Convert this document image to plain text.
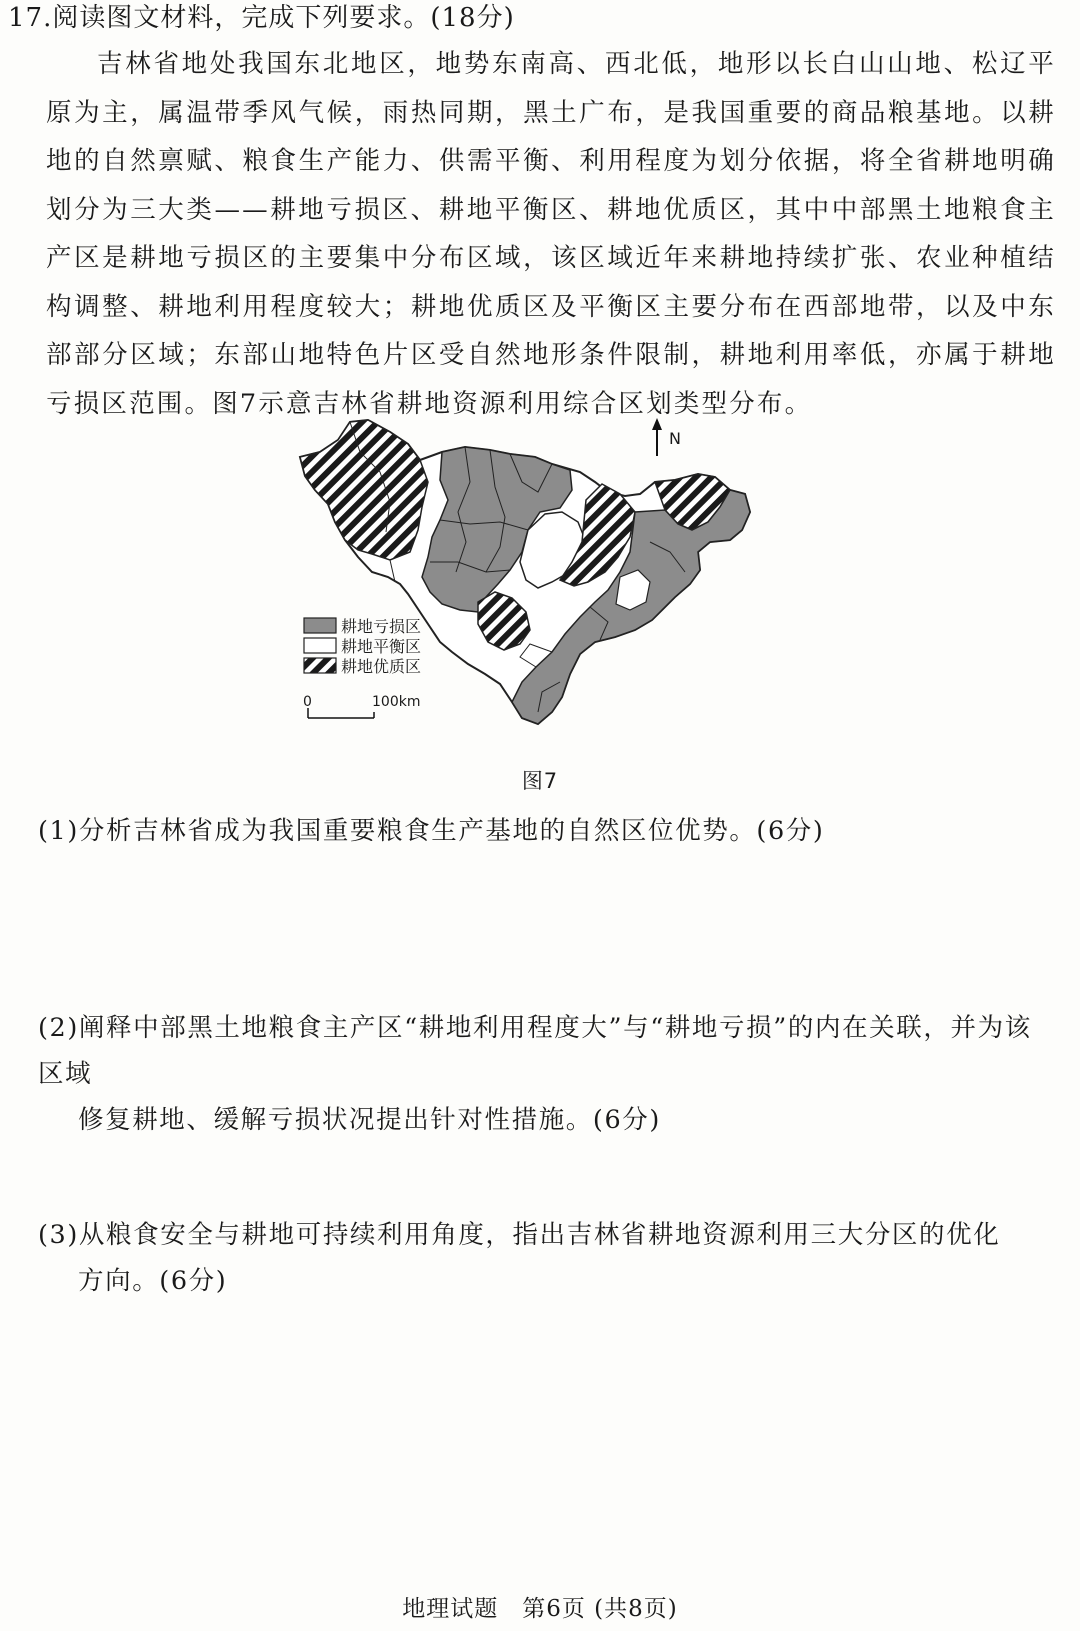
17.阅读图文材料，完成下列要求。(18分)

吉林省地处我国东北地区，地势东南高、西北低，地形以长白山山地、松辽平原为主，属温带季风气候，雨热同期，黑土广布，是我国重要的商品粮基地。以耕地的自然禀赋、粮食生产能力、供需平衡、利用程度为划分依据，将全省耕地明确划分为三大类——耕地亏损区、耕地平衡区、耕地优质区，其中中部黑土地粮食主产区是耕地亏损区的主要集中分布区域，该区域近年来耕地持续扩张、农业种植结构调整、耕地利用程度较大；耕地优质区及平衡区主要分布在西部地带，以及中东部部分区域；东部山地特色片区受自然地形条件限制，耕地利用率低，亦属于耕地亏损区范围。图7示意吉林省耕地资源利用综合区划类型分布。

N
耕地亏损区
耕地平衡区
耕地优质区
0	100km
图7

(1)分析吉林省成为我国重要粮食生产基地的自然区位优势。(6分)

(2)阐释中部黑土地粮食主产区“耕地利用程度大”与“耕地亏损”的内在关联，并为该区域
修复耕地、缓解亏损状况提出针对性措施。(6分)

(3)从粮食安全与耕地可持续利用角度，指出吉林省耕地资源利用三大分区的优化
方向。(6分)

地理试题　第6页 (共8页)
